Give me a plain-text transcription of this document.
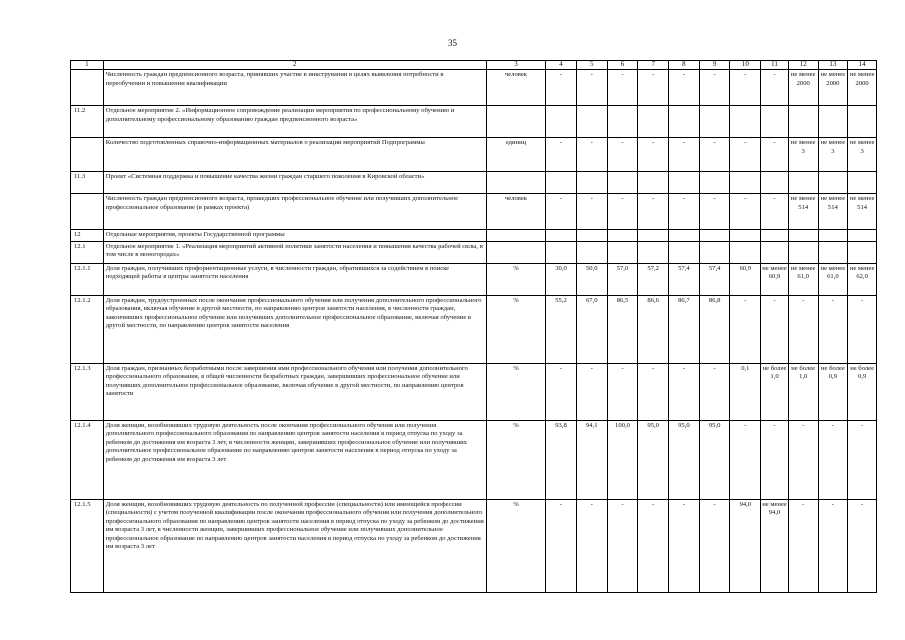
35
1	2	3	4	5	6	7	8	9	10	11	12	13	14
	Численность граждан предпенсионного возраста, принявших участие в инкструвании в целях выявления потребности в переобучении и повышении квалификации	человек	-	-	-	-	-	-	-	-	не менее 2000	не менее 2000	не менее 2000
11.2	Отдельное мероприятие 2. «Информационное сопровождение реализации мероприятия по профессиональному обучению и дополнительному профессиональному образованию граждан предпенсионного возраста»												
	Количество подготовленных справочно-информационных материалов о реализации мероприятий Подпрограммы	единиц	-	-	-	-	-	-	-	-	не менее 3	не менее 3	не менее 3
11.3	Проект «Системная поддержка и повышение качества жизни граждан старшего поколения в Кировской области»												
	Численность граждан предпенсионного возраста, прошедших профессиональное обучение или получивших дополнительное профессиональное образование (в рамках проекта)	человек	-	-	-	-	-	-	-	-	не менее 514	не менее 514	не менее 514
12	Отдельные мероприятия, проекты Государственной программы												
12.1	Отдельное мероприятие 1. «Реализация мероприятий активной политики занятости населения и повышения качества рабочей силы, в том числе в моногородах»												
12.1.1	Доля граждан, получивших профориентационные услуги, в численности граждан, обратившихся за содействием в поиске подходящей работы в центры занятости населения	%	30,0	50,0	57,0	57,2	57,4	57,4	60,9	не менее 60,9	не менее 61,0	не менее 61,0	не менее 62,0
12.1.2	Доля граждан, трудоустроенных после окончания профессионального обучения или получения дополнительного профессионального образования, включая обучение в другой местности, по направлению центров занятости населения, в численности граждан, закончивших профессиональное обучение или получивших дополнительное профессиональное образование, включая обучение в другой местности, по направлению центров занятости населения	%	55,2	67,0	86,5	86,6	86,7	86,8	-	-	-	-	-
12.1.3	Доля граждан, признанных безработными после завершения ими профессионального обучения или получения дополнительного профессионального образования, в общей численности безработных граждан, завершивших профессиональное обучение или получивших дополнительное профессиональное образование, включая обучение в другой местности, по направлению центров занятости	%	-	-	-	-	-	-	0,1	не более 1,0	не более 1,0	не более 0,9	не более 0,9
12.1.4	Доля женщин, возобновивших трудовую деятельность после окончания профессионального обучения или получения дополнительного профессионального образования по направлению центров занятости населения в период отпуска по уходу за ребенком до достижения им возраста 3 лет, в численности женщин, завершивших профессиональное обучение или получивших дополнительное профессиональное образование по направлению центров занятости населения в период отпуска по уходу за ребенком до достижения им возраста 3 лет	%	93,8	94,1	100,0	95,0	95,0	95,0	-	-	-	-	-
12.1.5	Доля женщин, возобновивших трудовую деятельность по полученной профессии (специальности) или имеющейся профессии (специальности) с учетом полученной квалификации после окончания профессионального обучения или получения дополнительного профессионального образования по направлению центров занятости населения в период отпуска по уходу за ребенком до достижения им возраста 3 лет, в численности женщин, завершивших профессиональное обучение или получивших дополнительное профессиональное образование по направлению центров занятости населения в период отпуска по уходу за ребенком до достижения им возраста 3 лет	%	-	-	-	-	-	-	94,0	не менее 94,0	-	-	-
